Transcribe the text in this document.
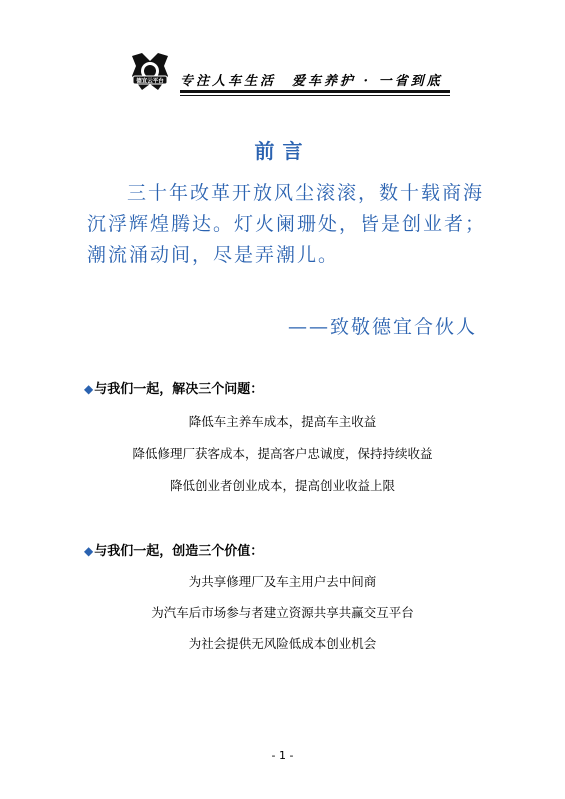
德宜云平台 专注人车生活　爱车养护 · 一省到底
前言
三十年改革开放风尘滚滚，数十载商海
沉浮辉煌腾达。灯火阑珊处，皆是创业者；
潮流涌动间，尽是弄潮儿。
——致敬德宜合伙人
◆与我们一起，解决三个问题：
降低车主养车成本，提高车主收益
降低修理厂获客成本，提高客户忠诚度，保持持续收益
降低创业者创业成本，提高创业收益上限
◆与我们一起，创造三个价值：
为共享修理厂及车主用户去中间商
为汽车后市场参与者建立资源共享共赢交互平台
为社会提供无风险低成本创业机会
- 1 -
